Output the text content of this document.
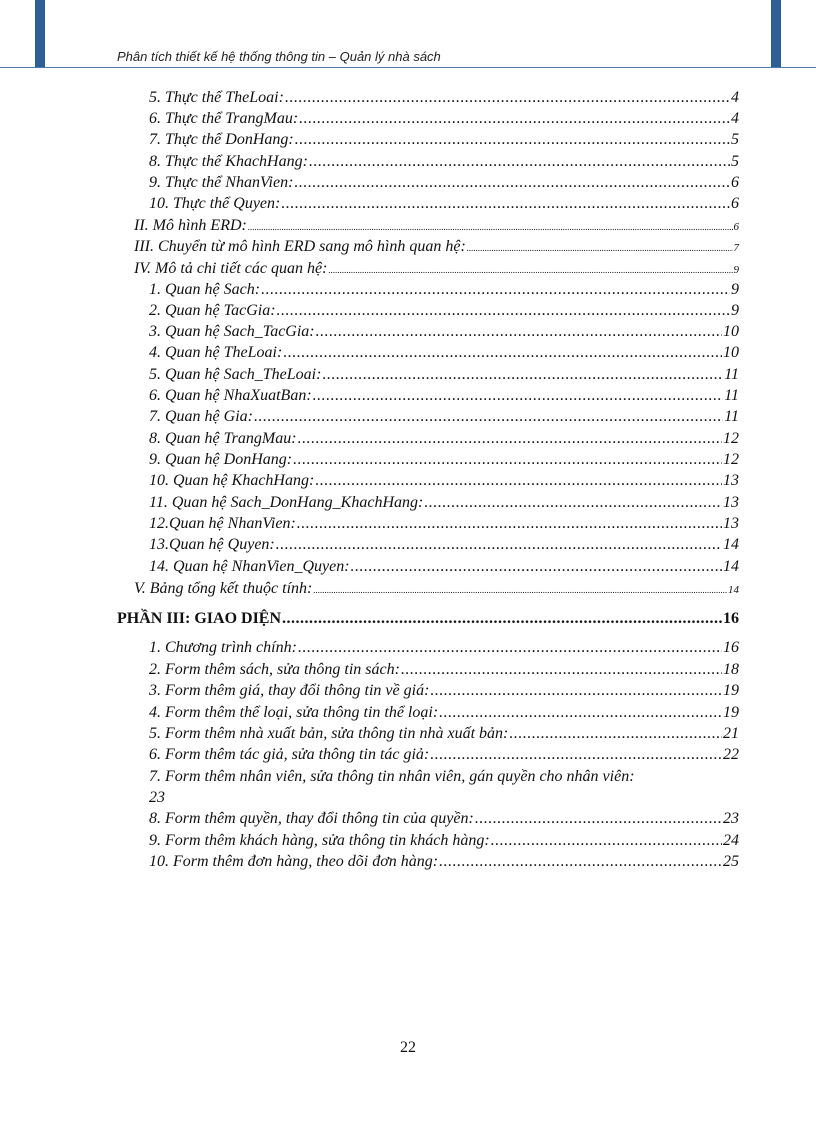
Phân tích thiết kế hệ thống thông tin – Quản lý nhà sách
5. Thực thể TheLoai: .....	4
6. Thực thể TrangMau: .....	4
7. Thực thể DonHang: .....	5
8. Thực thể KhachHang: .....	5
9. Thực thể NhanVien: .....	6
10. Thực thể Quyen: .....	6
II. Mô hình ERD: .....	6
III. Chuyển từ mô hình ERD sang mô hình quan hệ: .....	7
IV. Mô tả chi tiết các quan hệ: .....	9
1. Quan hệ Sach: .....	9
2. Quan hệ TacGia: .....	9
3. Quan hệ Sach_TacGia: .....	10
4. Quan hệ TheLoai: .....	10
5. Quan hệ Sach_TheLoai: .....	11
6. Quan hệ NhaXuatBan: .....	11
7. Quan hệ Gia: .....	11
8. Quan hệ TrangMau: .....	12
9. Quan hệ DonHang: .....	12
10. Quan hệ KhachHang: .....	13
11. Quan hệ Sach_DonHang_KhachHang: .....	13
12.Quan hệ NhanVien: .....	13
13.Quan hệ Quyen: .....	14
14. Quan hệ NhanVien_Quyen: .....	14
V. Bảng tổng kết thuộc tính: .....	14
PHẦN III: GIAO DIỆN .....	16
1. Chương trình chính: .....	16
2. Form thêm sách, sửa thông tin sách: .....	18
3. Form thêm giá, thay đổi thông tin về giá: .....	19
4. Form thêm thể loại, sửa thông tin thể loại: .....	19
5. Form thêm nhà xuất bản, sửa thông tin nhà xuất bản: .....	21
6. Form thêm tác giả, sửa thông tin tác giả: .....	22
7. Form thêm nhân viên, sửa thông tin nhân viên, gán quyền cho nhân viên:
23
8. Form thêm quyền, thay đổi thông tin của quyền: .....	23
9. Form thêm khách hàng, sửa thông tin khách hàng: .....	24
10. Form thêm đơn hàng, theo dõi đơn hàng: .....	25
22
